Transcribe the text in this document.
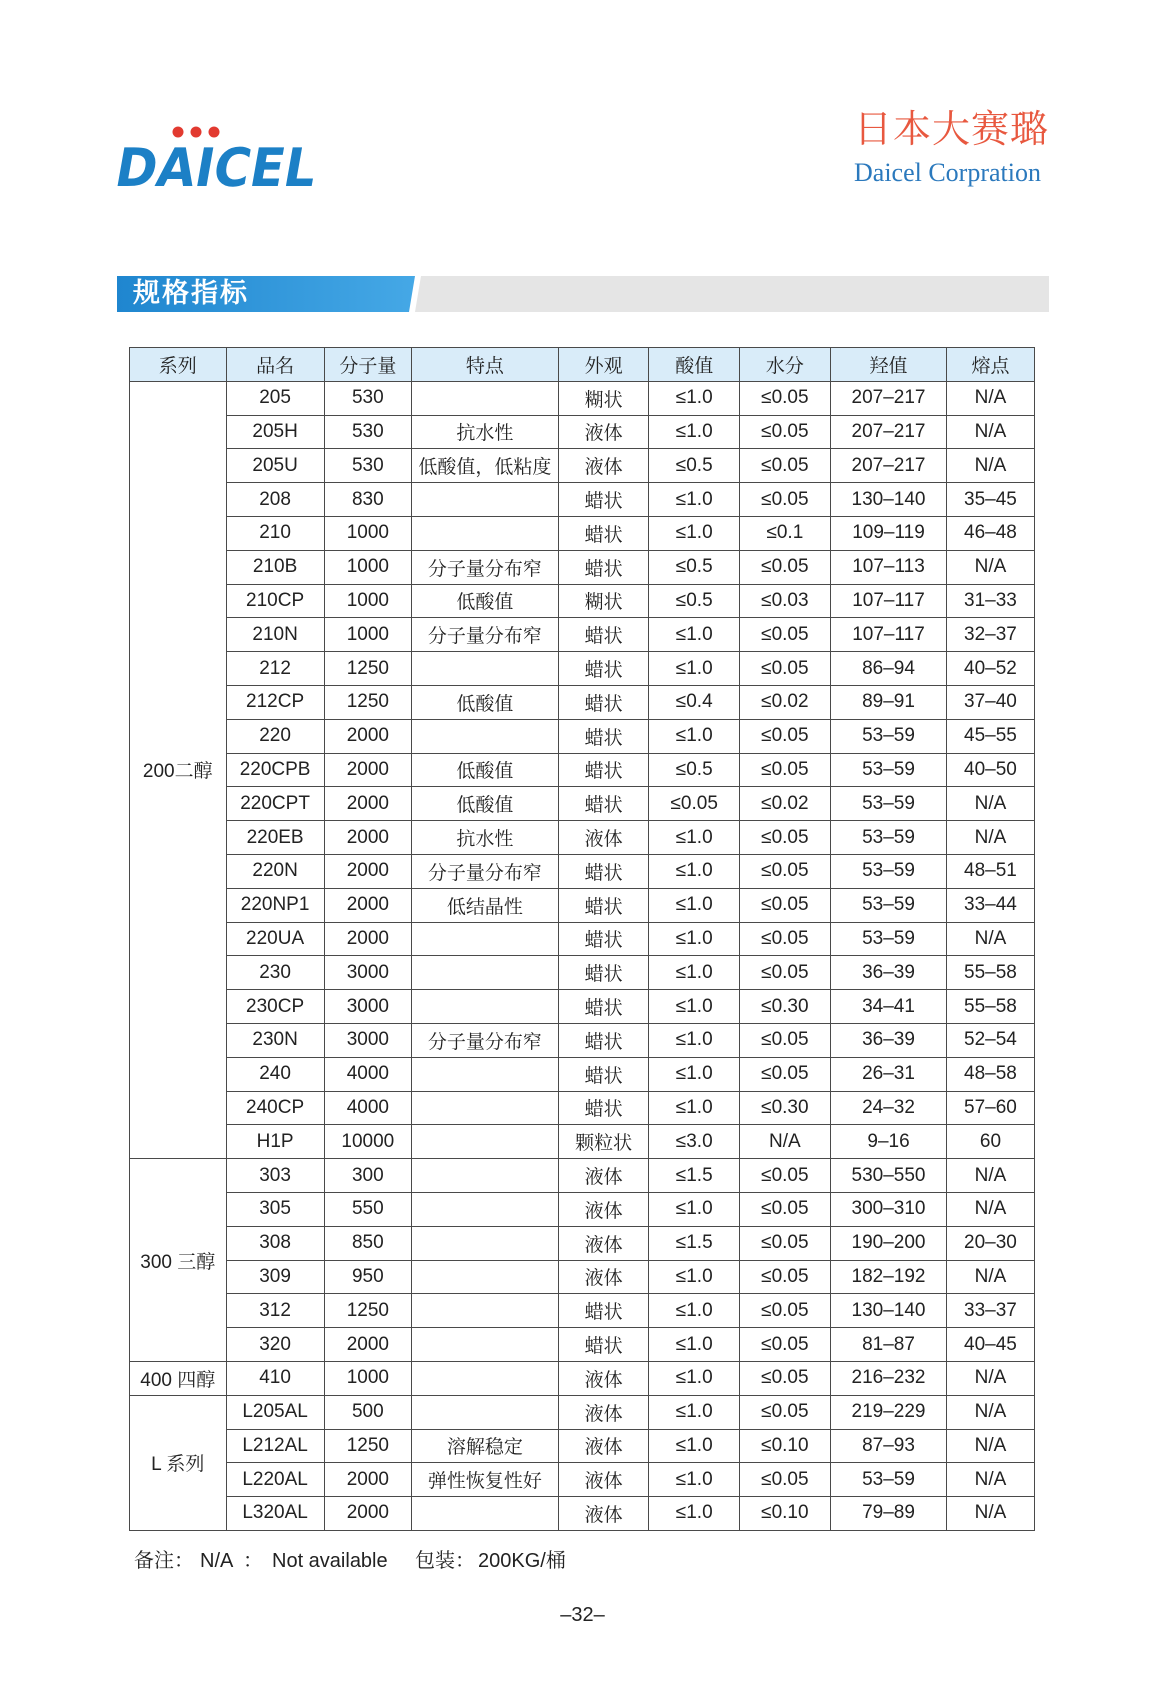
DAICEL
日本大赛璐
Daicel Corpration
规格指标
系列	品名	分子量	特点	外观	酸值	水分	羟值	熔点
200二醇	205	530		糊状	≤1.0	≤0.05	207–217	N/A
	205H	530	抗水性	液体	≤1.0	≤0.05	207–217	N/A
	205U	530	低酸值，低粘度	液体	≤0.5	≤0.05	207–217	N/A
	208	830		蜡状	≤1.0	≤0.05	130–140	35–45
	210	1000		蜡状	≤1.0	≤0.1	109–119	46–48
	210B	1000	分子量分布窄	蜡状	≤0.5	≤0.05	107–113	N/A
	210CP	1000	低酸值	糊状	≤0.5	≤0.03	107–117	31–33
	210N	1000	分子量分布窄	蜡状	≤1.0	≤0.05	107–117	32–37
	212	1250		蜡状	≤1.0	≤0.05	86–94	40–52
	212CP	1250	低酸值	蜡状	≤0.4	≤0.02	89–91	37–40
	220	2000		蜡状	≤1.0	≤0.05	53–59	45–55
	220CPB	2000	低酸值	蜡状	≤0.5	≤0.05	53–59	40–50
	220CPT	2000	低酸值	蜡状	≤0.05	≤0.02	53–59	N/A
	220EB	2000	抗水性	液体	≤1.0	≤0.05	53–59	N/A
	220N	2000	分子量分布窄	蜡状	≤1.0	≤0.05	53–59	48–51
	220NP1	2000	低结晶性	蜡状	≤1.0	≤0.05	53–59	33–44
	220UA	2000		蜡状	≤1.0	≤0.05	53–59	N/A
	230	3000		蜡状	≤1.0	≤0.05	36–39	55–58
	230CP	3000		蜡状	≤1.0	≤0.30	34–41	55–58
	230N	3000	分子量分布窄	蜡状	≤1.0	≤0.05	36–39	52–54
	240	4000		蜡状	≤1.0	≤0.05	26–31	48–58
	240CP	4000		蜡状	≤1.0	≤0.30	24–32	57–60
	H1P	10000		颗粒状	≤3.0	N/A	9–16	60
300 三醇	303	300		液体	≤1.5	≤0.05	530–550	N/A
	305	550		液体	≤1.0	≤0.05	300–310	N/A
	308	850		液体	≤1.5	≤0.05	190–200	20–30
	309	950		液体	≤1.0	≤0.05	182–192	N/A
	312	1250		蜡状	≤1.0	≤0.05	130–140	33–37
	320	2000		蜡状	≤1.0	≤0.05	81–87	40–45
400 四醇	410	1000		液体	≤1.0	≤0.05	216–232	N/A
L 系列	L205AL	500		液体	≤1.0	≤0.05	219–229	N/A
	L212AL	1250	溶解稳定	液体	≤1.0	≤0.10	87–93	N/A
	L220AL	2000	弹性恢复性好	液体	≤1.0	≤0.05	53–59	N/A
	L320AL	2000		液体	≤1.0	≤0.10	79–89	N/A
备注： N/A ： Not available 包装： 200KG/桶
–32–
